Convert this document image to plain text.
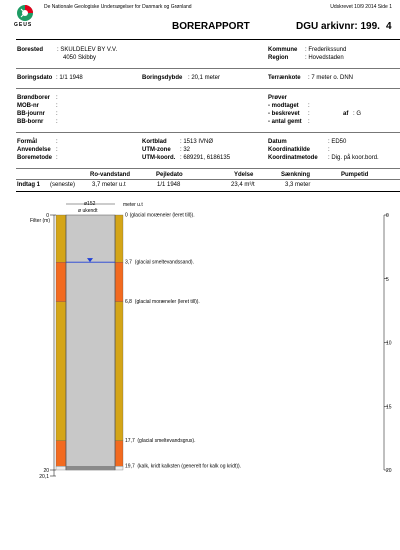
GEUS
De Nationale Geologiske Undersøgelser for Danmark og Grønland	Udskrevet 10/9 2014 Side 1
BORERAPPORT	DGU arkivnr: 199. 4
Borested : SKULDELEV BY V.V.
4050 Skibby
Kommune : Frederikssund
Region	: Hovedstaden
Boringsdato : 1/1 1948	Boringsdybde : 20,1 meter	Terrænkote : 7 meter o. DNN
Brøndborer :
MOB-nr	:
BB-journr :
BB-bornr :
Prøver
- modtaget :
- beskrevet :	af : G
- antal gemt :
Formål	:
Anvendelse :
Boremetode :
Kortblad : 1513 IVNØ
UTM-zone : 32
UTM-koord. : 689291, 6186135
Datum	: ED50
Koordinatkilde	:
Koordinatmetode : Dig. på koor.bord.
Ro-vandstand	Pejledato	Ydelse	Sænkning	Pumpetid
Indtag 1 (seneste)	3,7 meter u.t	1/1 1948	23,4 m³/t	3,3 meter
0
3,7
6,8
17,7
19,7
(glacial moræneler (leret till)).
(glacial smeltevandssand).
(glacial moræneler (leret till)).
(glacial smeltevandsgrus).
(kalk, kridt kalksten (generelt for kalk og kridt)).
0
20
20,1
0
5
10
15
20
ø152
ø ukendt
meter u.t
Filter (m)
